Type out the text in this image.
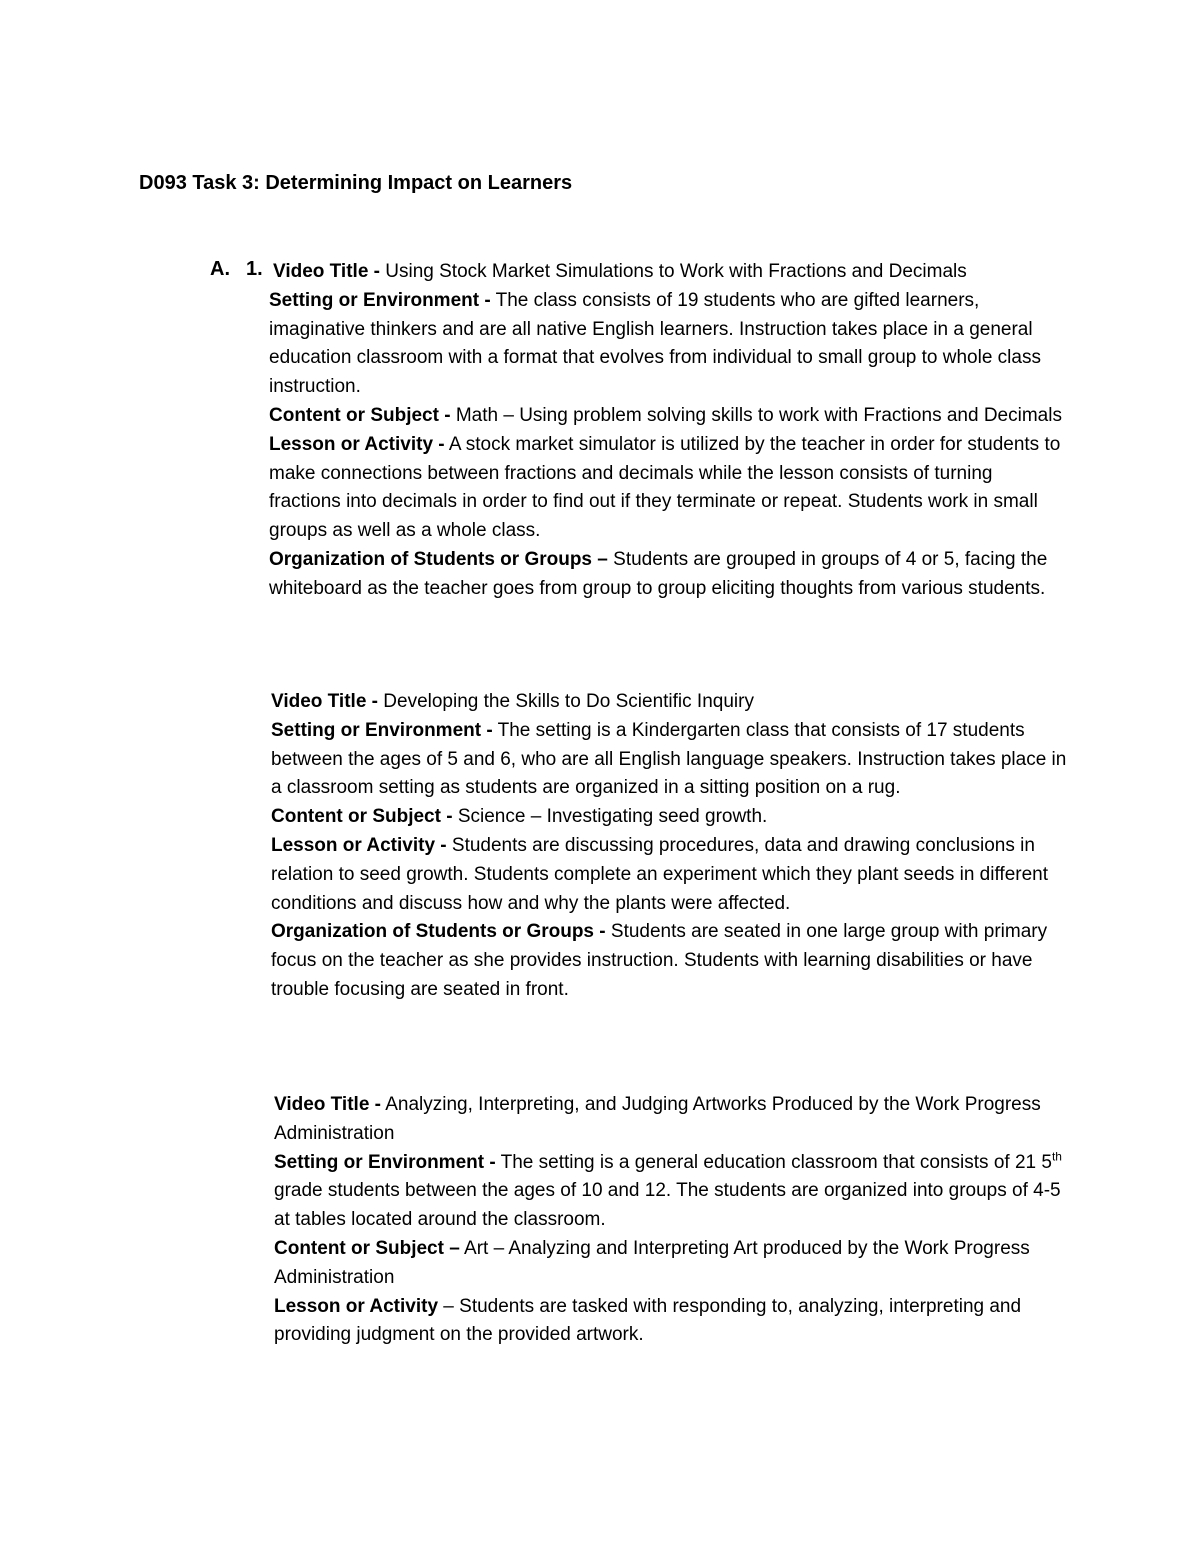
D093 Task 3: Determining Impact on Learners
A. 1. Video Title - Using Stock Market Simulations to Work with Fractions and Decimals

Setting or Environment - The class consists of 19 students who are gifted learners, imaginative thinkers and are all native English learners. Instruction takes place in a general education classroom with a format that evolves from individual to small group to whole class instruction.

Content or Subject - Math – Using problem solving skills to work with Fractions and Decimals

Lesson or Activity - A stock market simulator is utilized by the teacher in order for students to make connections between fractions and decimals while the lesson consists of turning fractions into decimals in order to find out if they terminate or repeat. Students work in small groups as well as a whole class.

Organization of Students or Groups – Students are grouped in groups of 4 or 5, facing the whiteboard as the teacher goes from group to group eliciting thoughts from various students.

Video Title - Developing the Skills to Do Scientific Inquiry

Setting or Environment - The setting is a Kindergarten class that consists of 17 students between the ages of 5 and 6, who are all English language speakers. Instruction takes place in a classroom setting as students are organized in a sitting position on a rug.

Content or Subject - Science – Investigating seed growth.

Lesson or Activity - Students are discussing procedures, data and drawing conclusions in relation to seed growth. Students complete an experiment which they plant seeds in different conditions and discuss how and why the plants were affected.

Organization of Students or Groups - Students are seated in one large group with primary focus on the teacher as she provides instruction. Students with learning disabilities or have trouble focusing are seated in front.

Video Title - Analyzing, Interpreting, and Judging Artworks Produced by the Work Progress Administration

Setting or Environment - The setting is a general education classroom that consists of 21 5th grade students between the ages of 10 and 12. The students are organized into groups of 4-5 at tables located around the classroom.

Content or Subject – Art – Analyzing and Interpreting Art produced by the Work Progress Administration

Lesson or Activity – Students are tasked with responding to, analyzing, interpreting and providing judgment on the provided artwork.
